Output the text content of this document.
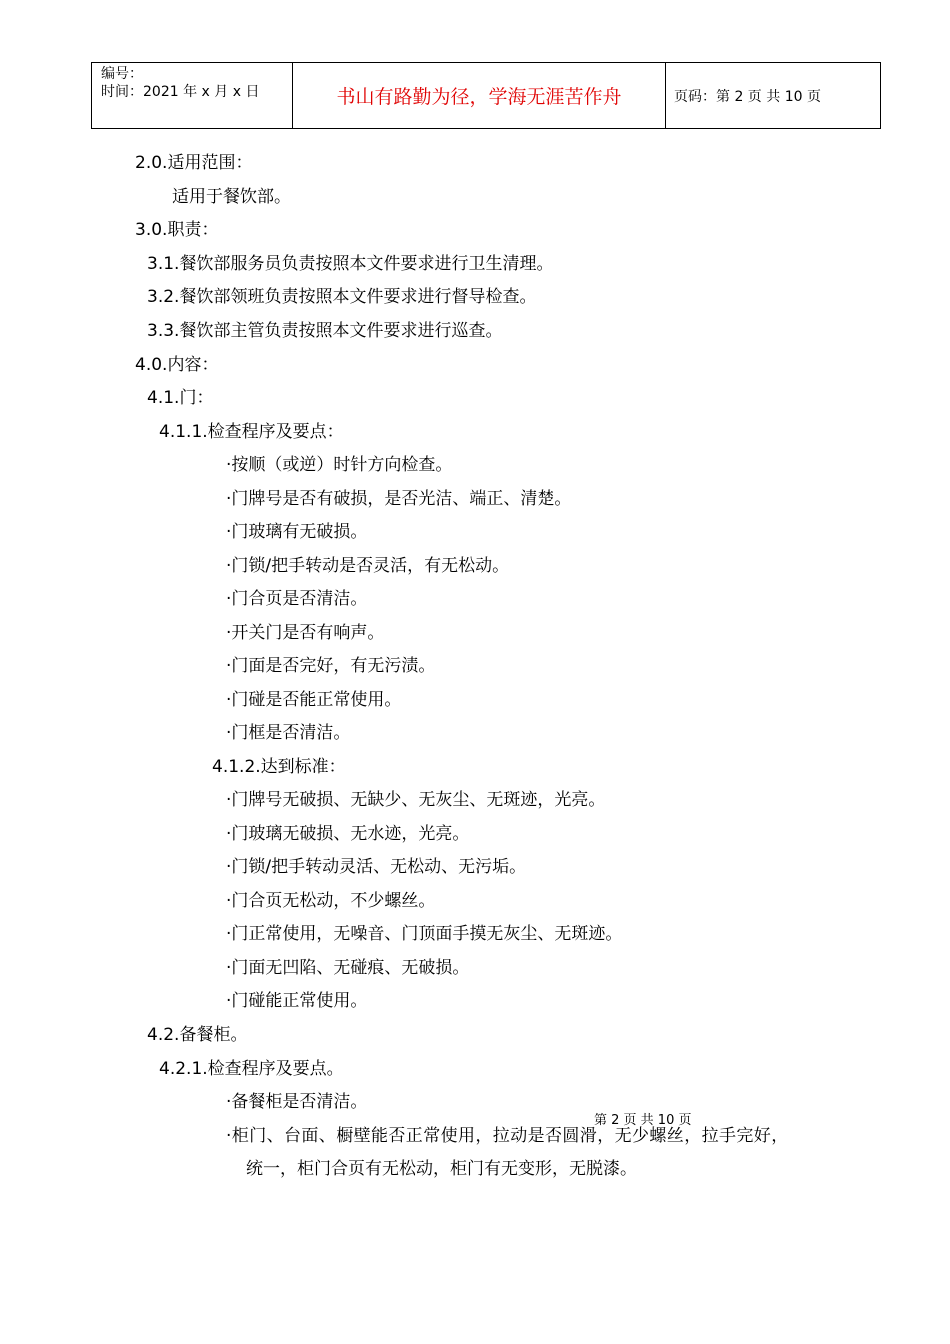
编号：
时间：2021 年 x 月 x 日	书山有路勤为径，学海无涯苦作舟	页码：第 2 页 共 10 页
2.0.适用范围：
适用于餐饮部。
3.0.职责：
3.1.餐饮部服务员负责按照本文件要求进行卫生清理。
3.2.餐饮部领班负责按照本文件要求进行督导检查。
3.3.餐饮部主管负责按照本文件要求进行巡查。
4.0.内容：
4.1.门：
4.1.1.检查程序及要点：
·按顺（或逆）时针方向检查。
·门牌号是否有破损，是否光洁、端正、清楚。
·门玻璃有无破损。
·门锁/把手转动是否灵活，有无松动。
·门合页是否清洁。
·开关门是否有响声。
·门面是否完好，有无污渍。
·门碰是否能正常使用。
·门框是否清洁。
4.1.2.达到标准：
·门牌号无破损、无缺少、无灰尘、无斑迹，光亮。
·门玻璃无破损、无水迹，光亮。
·门锁/把手转动灵活、无松动、无污垢。
·门合页无松动，不少螺丝。
·门正常使用，无噪音、门顶面手摸无灰尘、无斑迹。
·门面无凹陷、无碰痕、无破损。
·门碰能正常使用。
4.2.备餐柜。
4.2.1.检查程序及要点。
·备餐柜是否清洁。
·柜门、台面、橱壁能否正常使用，拉动是否圆滑，无少螺丝，拉手完好，
统一，柜门合页有无松动，柜门有无变形，无脱漆。
第 2 页 共 10 页
